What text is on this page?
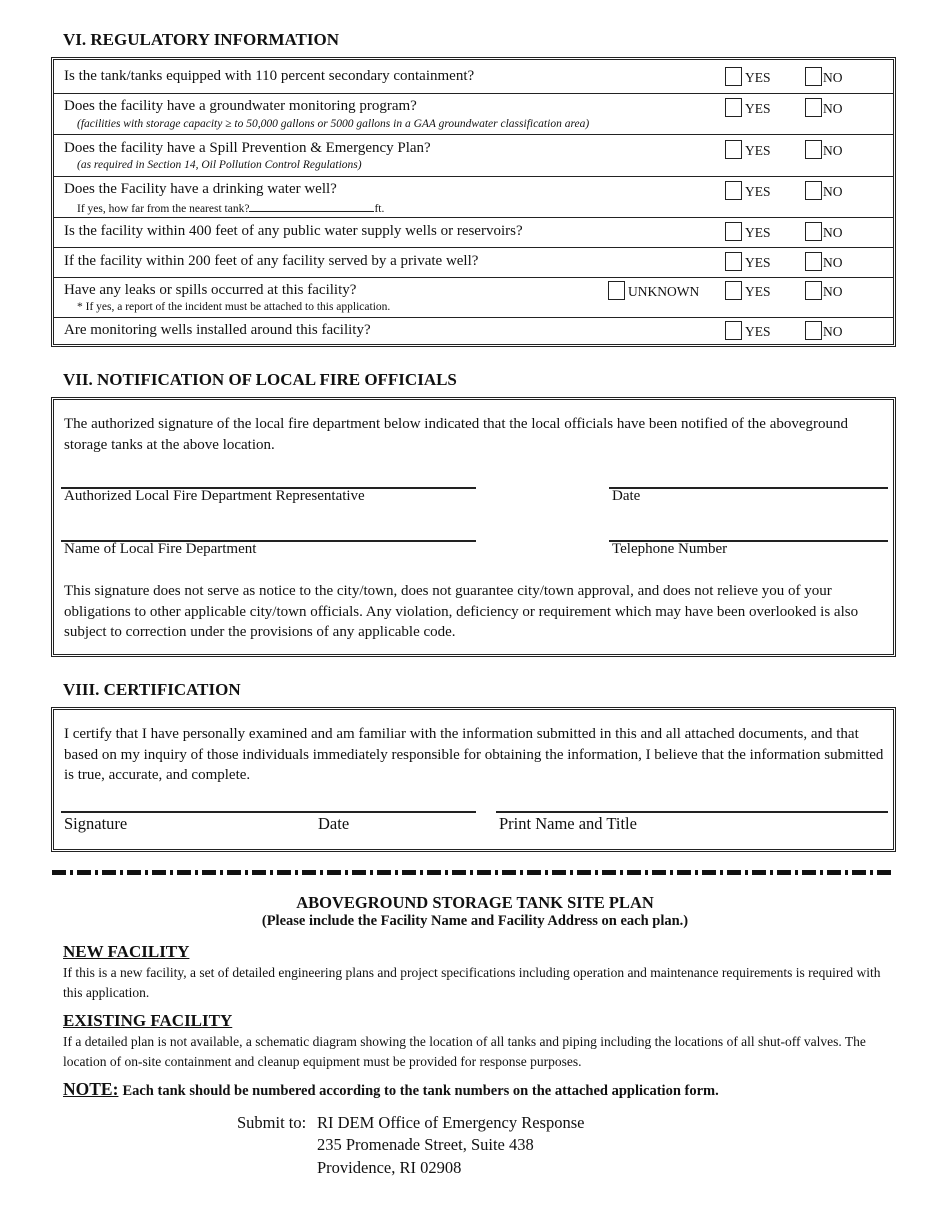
VI. REGULATORY INFORMATION
Is the tank/tanks equipped with 110 percent secondary containment?	YES	NO
Does the facility have a groundwater monitoring program?
(facilities with storage capacity ≥ to 50,000 gallons or 5000 gallons in a GAA groundwater classification area)
YES	NO
Does the facility have a Spill Prevention & Emergency Plan?
(as required in Section 14, Oil Pollution Control Regulations)
YES	NO
Does the Facility have a drinking water well?
If yes, how far from the nearest tank?	ft.
YES	NO
Is the facility within 400 feet of any public water supply wells or reservoirs?	YES	NO
If the facility within 200 feet of any facility served by a private well?	YES	NO
Have any leaks or spills occurred at this facility?
* If yes, a report of the incident must be attached to this application.
UNKNOWN	YES	NO
Are monitoring wells installed around this facility?	YES	NO
VII. NOTIFICATION OF LOCAL FIRE OFFICIALS
The authorized signature of the local fire department below indicated that the local officials have been notified of the aboveground storage tanks at the above location.
Authorized Local Fire Department Representative	Date
Name of Local Fire Department	Telephone Number
This signature does not serve as notice to the city/town, does not guarantee city/town approval, and does not relieve you of your obligations to other applicable city/town officials. Any violation, deficiency or requirement which may have been overlooked is also subject to correction under the provisions of any applicable code.
VIII. CERTIFICATION
I certify that I have personally examined and am familiar with the information submitted in this and all attached documents, and that based on my inquiry of those individuals immediately responsible for obtaining the information, I believe that the information submitted is true, accurate, and complete.
Signature	Date	Print Name and Title
ABOVEGROUND STORAGE TANK SITE PLAN
(Please include the Facility Name and Facility Address on each plan.)
NEW FACILITY
If this is a new facility, a set of detailed engineering plans and project specifications including operation and maintenance requirements is required with this application.
EXISTING FACILITY
If a detailed plan is not available, a schematic diagram showing the location of all tanks and piping including the locations of all shut-off valves. The location of on-site containment and cleanup equipment must be provided for response purposes.
NOTE: Each tank should be numbered according to the tank numbers on the attached application form.
Submit to: RI DEM Office of Emergency Response
235 Promenade Street, Suite 438
Providence, RI 02908
